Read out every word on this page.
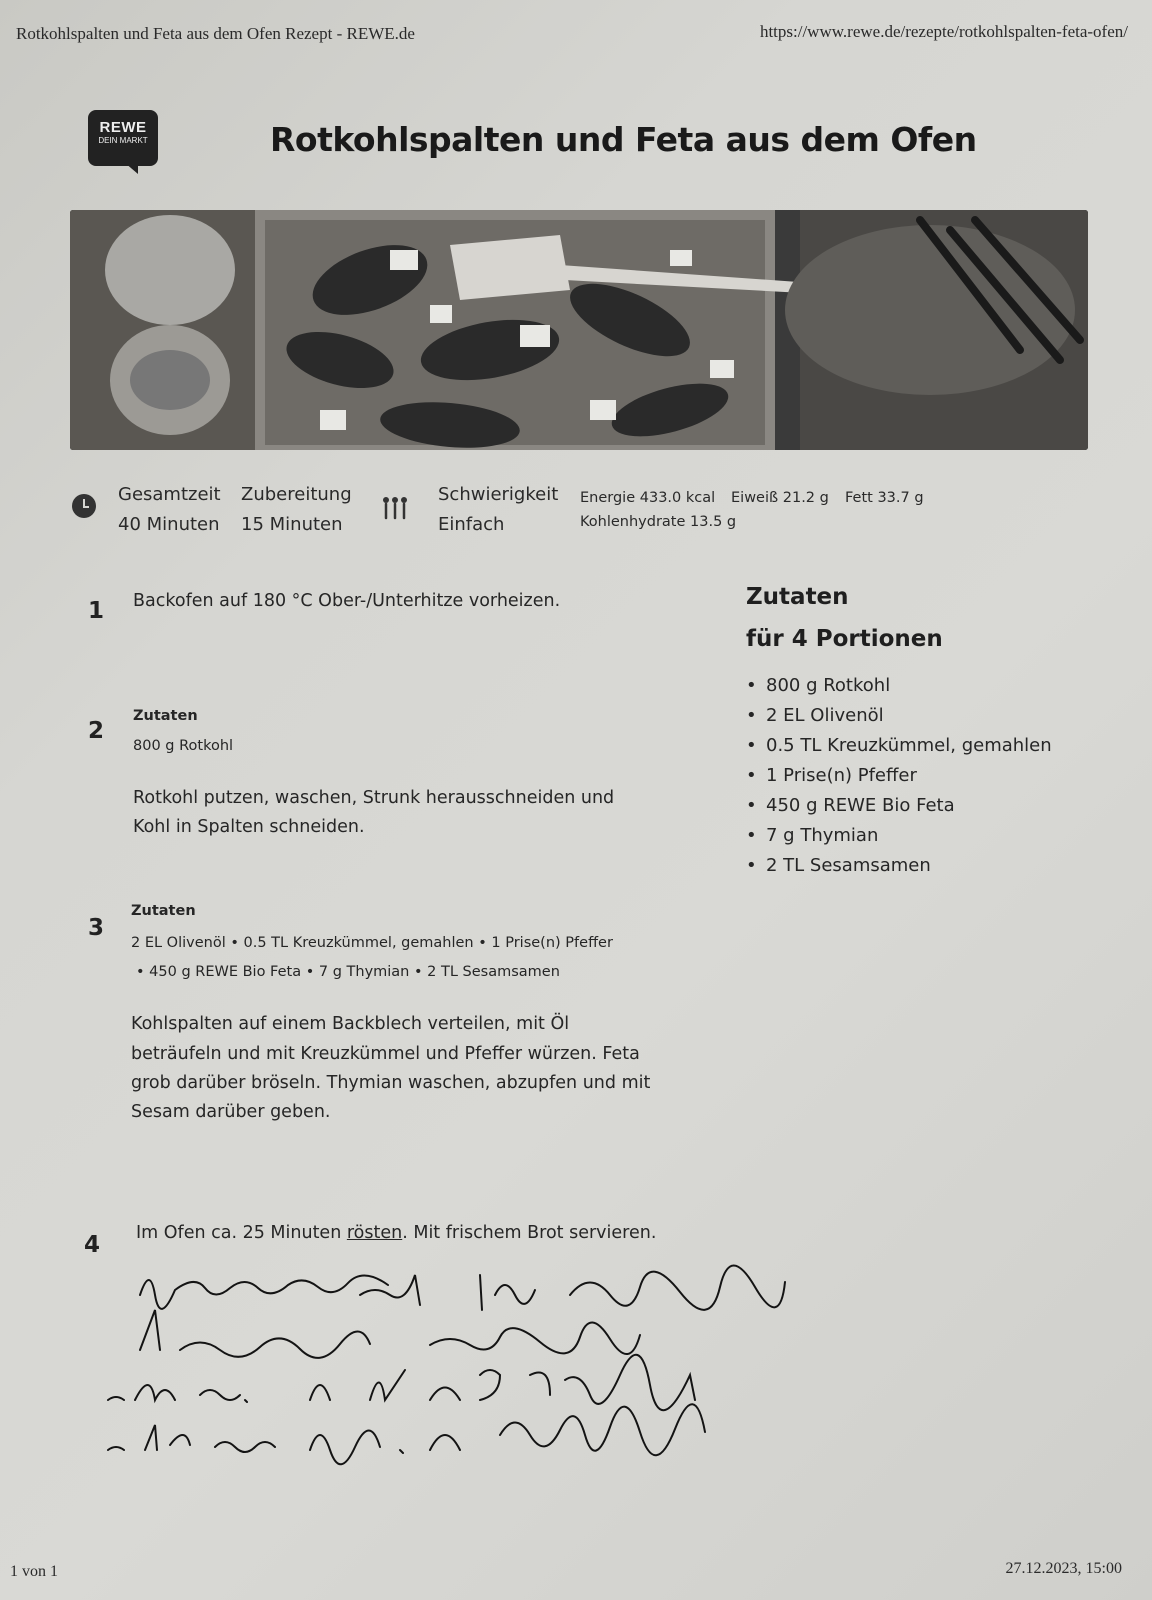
Rotkohlspalten und Feta aus dem Ofen Rezept - REWE.de	https://www.rewe.de/rezepte/rotkohlspalten-feta-ofen/
REWE
DEIN MARKT	Rotkohlspalten und Feta aus dem Ofen
Gesamtzeit
40 Minuten
Zubereitung
15 Minuten
Schwierigkeit
Einfach
Energie 433.0 kcal Eiweiß 21.2 g Fett 33.7 g
Kohlenhydrate 13.5 g
1 Backofen auf 180 °C Ober-/Unterhitze vorheizen.
2
Zutaten
800 g Rotkohl
Rotkohl putzen, waschen, Strunk herausschneiden und
Kohl in Spalten schneiden.
3
Zutaten
2 EL Olivenöl • 0.5 TL Kreuzkümmel, gemahlen • 1 Prise(n) Pfeffer
• 450 g REWE Bio Feta • 7 g Thymian • 2 TL Sesamsamen
Kohlspalten auf einem Backblech verteilen, mit Öl
beträufeln und mit Kreuzkümmel und Pfeffer würzen. Feta
grob darüber bröseln. Thymian waschen, abzupfen und mit
Sesam darüber geben.
4 Im Ofen ca. 25 Minuten rösten. Mit frischem Brot servieren.
Zutaten
für 4 Portionen
• 800 g Rotkohl
• 2 EL Olivenöl
• 0.5 TL Kreuzkümmel, gemahlen
• 1 Prise(n) Pfeffer
• 450 g REWE Bio Feta
• 7 g Thymian
• 2 TL Sesamsamen
1 von 1	27.12.2023, 15:00
